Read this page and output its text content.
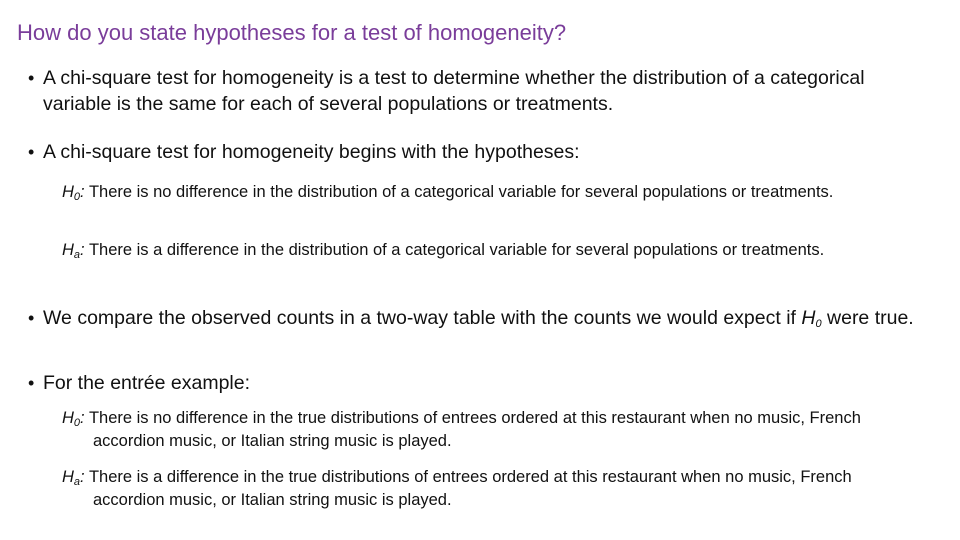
How do you state hypotheses for a test of homogeneity?
• A chi-square test for homogeneity is a test to determine whether the distribution of a categorical variable is the same for each of several populations or treatments.
• A chi-square test for homogeneity begins with the hypotheses:
$H_0$: There is no difference in the distribution of a categorical variable for several populations or treatments.
$H_a$: There is a difference in the distribution of a categorical variable for several populations or treatments.
• We compare the observed counts in a two-way table with the counts we would expect if $H_0$ were true.
• For the entrée example:
$H_0$: There is no difference in the true distributions of entrees ordered at this restaurant when no music, French accordion music, or Italian string music is played.
$H_a$: There is a difference in the true distributions of entrees ordered at this restaurant when no music, French accordion music, or Italian string music is played.
